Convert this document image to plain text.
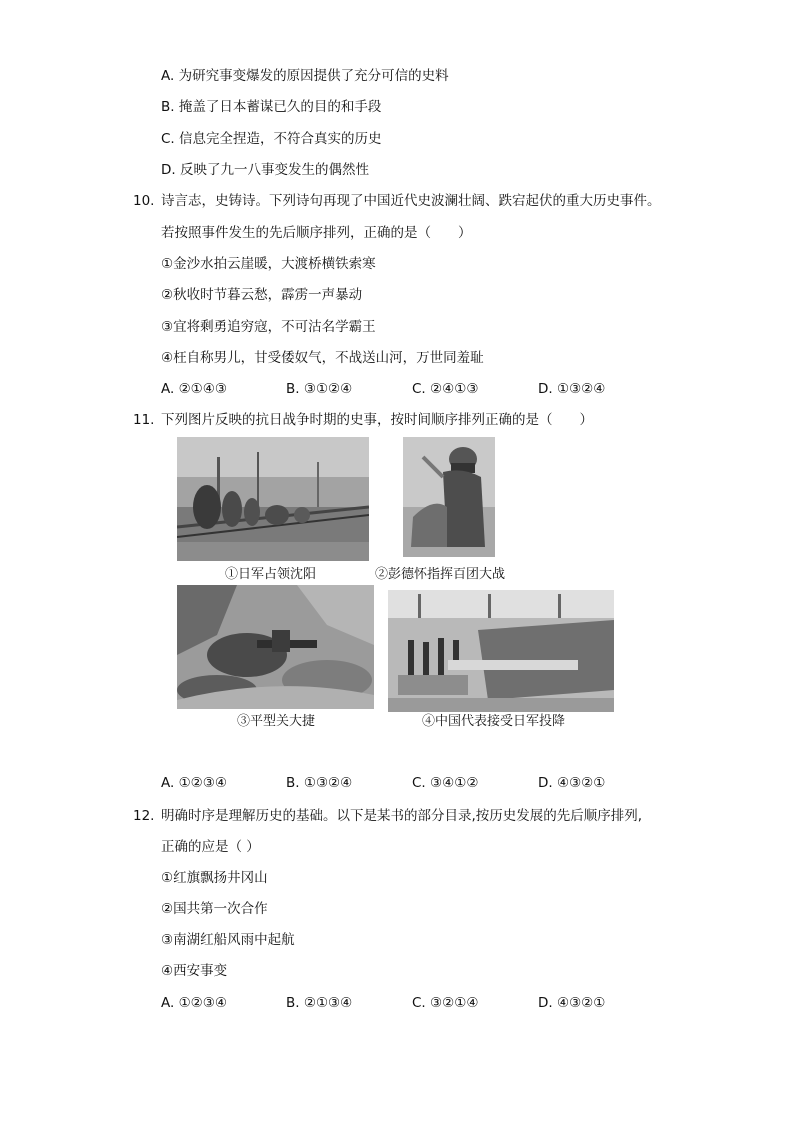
A. 为研究事变爆发的原因提供了充分可信的史料
B. 掩盖了日本蓄谋已久的目的和手段
C. 信息完全捏造，不符合真实的历史
D. 反映了九一八事变发生的偶然性
10. 诗言志，史铸诗。下列诗句再现了中国近代史波澜壮阔、跌宕起伏的重大历史事件。
若按照事件发生的先后顺序排列，正确的是（　　）
①金沙水拍云崖暖，大渡桥横铁索寒
②秋收时节暮云愁，霹雳一声暴动
③宜将剩勇追穷寇，不可沽名学霸王
④枉自称男儿，甘受倭奴气，不战送山河，万世同羞耻
A. ②①④③	B. ③①②④	C. ②④①③	D. ①③②④
11. 下列图片反映的抗日战争时期的史事，按时间顺序排列正确的是（　　）
①日军占领沈阳	②彭德怀指挥百团大战
③平型关大捷	④中国代表接受日军投降
A. ①②③④	B. ①③②④	C. ③④①②	D. ④③②①
12. 明确时序是理解历史的基础。以下是某书的部分目录,按历史发展的先后顺序排列,
正确的应是（ ）
①红旗飘扬井冈山
②国共第一次合作
③南湖红船风雨中起航
④西安事变
A. ①②③④	B. ②①③④	C. ③②①④	D. ④③②①
